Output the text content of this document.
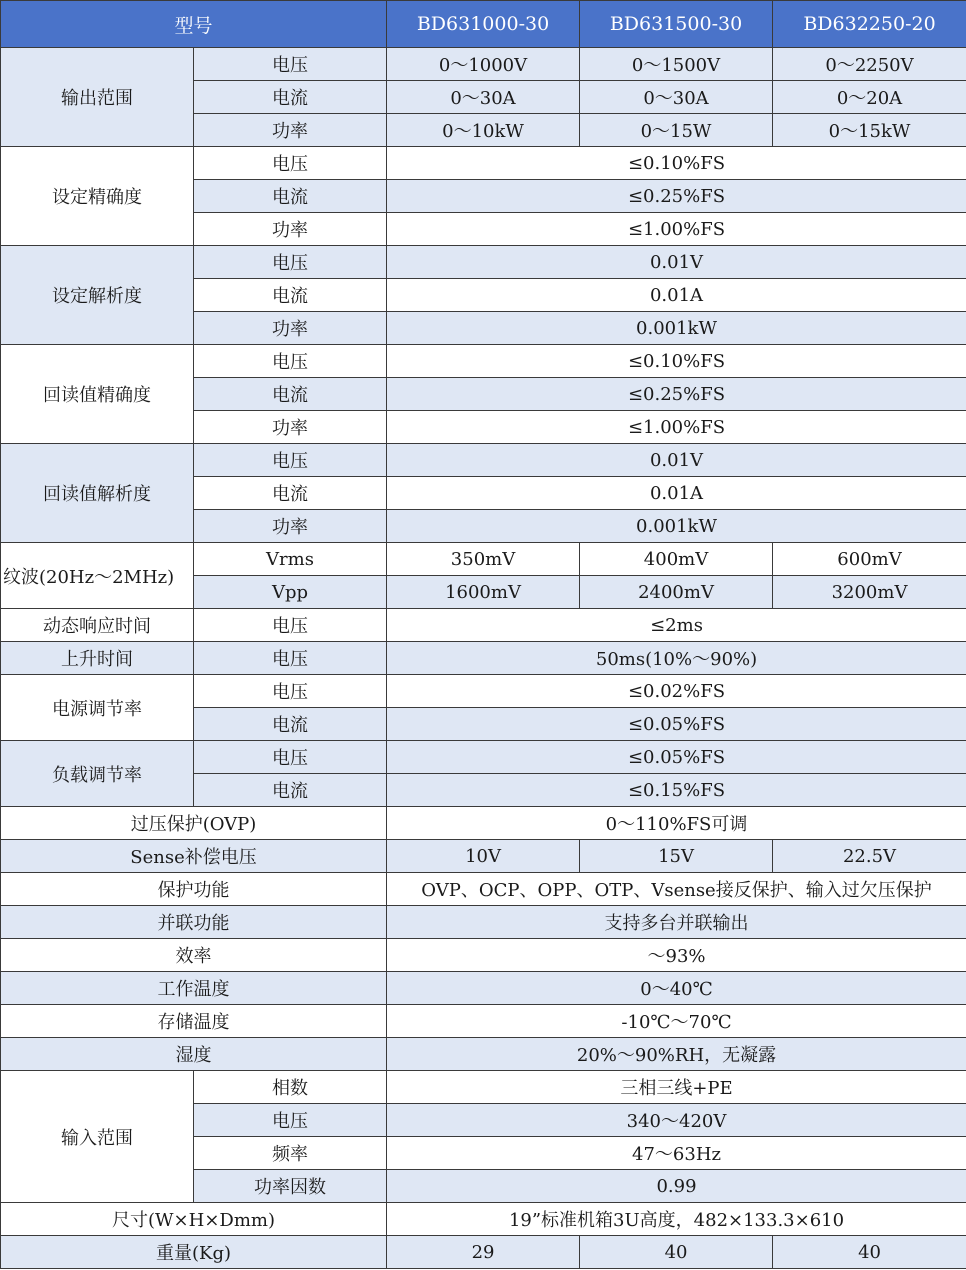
型号		BD631000-30	BD631500-30	BD632250-20
输出范围	电压	0～1000V	0～1500V	0～2250V
	电流	0～30A	0～30A	0～20A
	功率	0～10kW	0～15W	0～15kW
设定精确度	电压	≤0.10%FS		
	电流	≤0.25%FS		
	功率	≤1.00%FS		
设定解析度	电压	0.01V		
	电流	0.01A		
	功率	0.001kW		
回读值精确度	电压	≤0.10%FS		
	电流	≤0.25%FS		
	功率	≤1.00%FS		
回读值解析度	电压	0.01V		
	电流	0.01A		
	功率	0.001kW		
纹波(20Hz～2MHz)	Vrms	350mV	400mV	600mV
	Vpp	1600mV	2400mV	3200mV
动态响应时间	电压	≤2ms		
上升时间	电压	50ms(10%～90%)		
电源调节率	电压	≤0.02%FS		
	电流	≤0.05%FS		
负载调节率	电压	≤0.05%FS		
	电流	≤0.15%FS		
过压保护(OVP)		0～110%FS可调		
Sense补偿电压		10V	15V	22.5V
保护功能		OVP、OCP、OPP、OTP、Vsense接反保护、输入过欠压保护		
并联功能		支持多台并联输出		
效率		～93%		
工作温度		0～40℃		
存储温度		-10℃～70℃		
湿度		20%～90%RH，无凝露		
输入范围	相数	三相三线+PE		
	电压	340～420V		
	频率	47～63Hz		
	功率因数	0.99		
尺寸(W×H×Dmm)		19”标准机箱3U高度，482×133.3×610		
重量(Kg)		29	40	40
